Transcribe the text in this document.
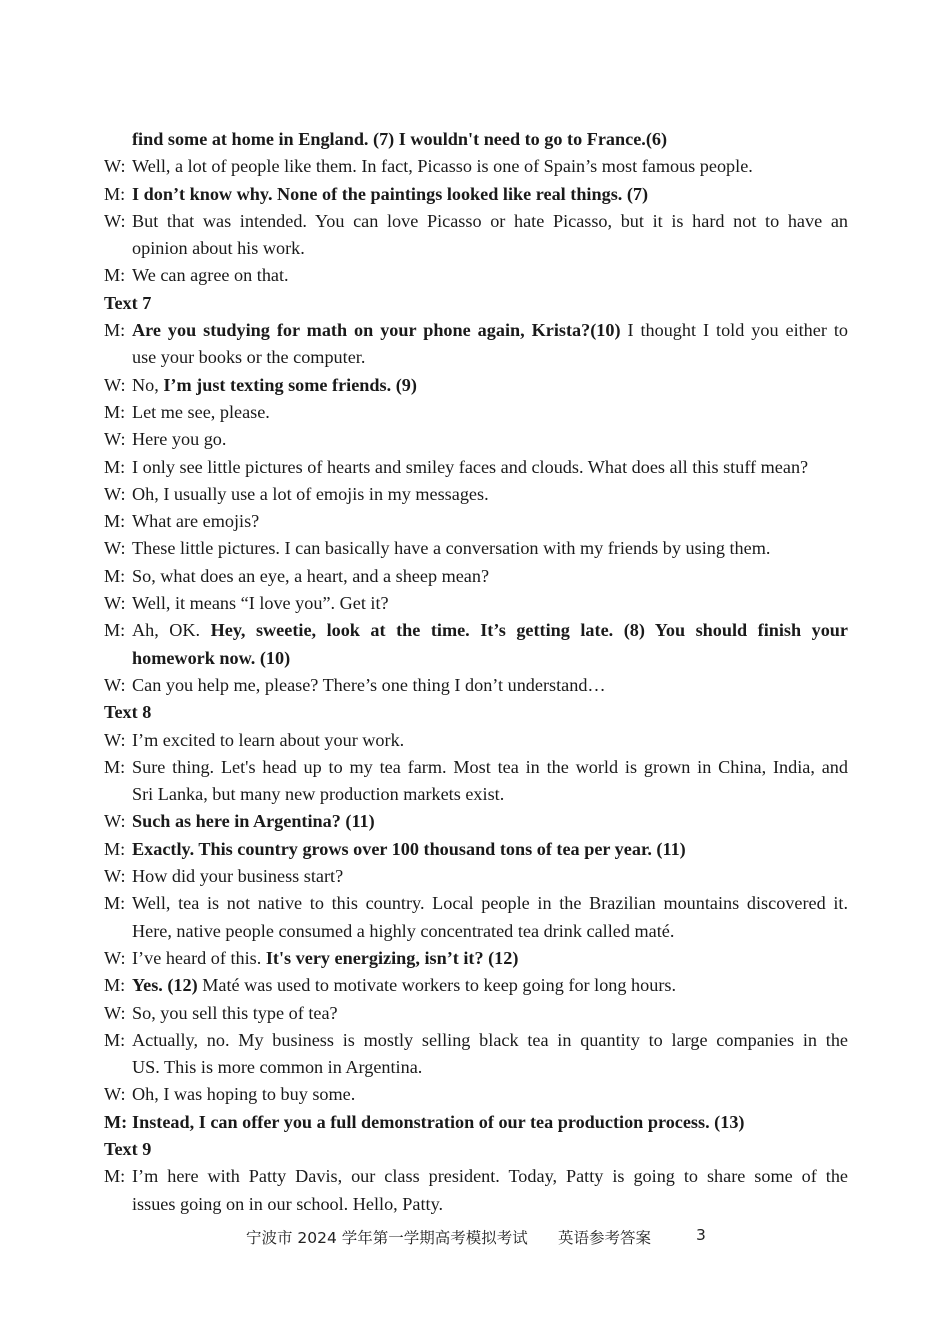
find some at home in England. (7) I wouldn't need to go to France.(6)
W: Well, a lot of people like them. In fact, Picasso is one of Spain’s most famous people.
M: I don’t know why. None of the paintings looked like real things. (7)
W: But that was intended. You can love Picasso or hate Picasso, but it is hard not to have an
opinion about his work.
M: We can agree on that.
Text 7
M: Are you studying for math on your phone again, Krista?(10) I thought I told you either to
use your books or the computer.
W: No, I’m just texting some friends. (9)
M: Let me see, please.
W: Here you go.
M: I only see little pictures of hearts and smiley faces and clouds. What does all this stuff mean?
W: Oh, I usually use a lot of emojis in my messages.
M: What are emojis?
W: These little pictures. I can basically have a conversation with my friends by using them.
M: So, what does an eye, a heart, and a sheep mean?
W: Well, it means “I love you”. Get it?
M: Ah, OK. Hey, sweetie, look at the time. It’s getting late. (8) You should finish your
homework now. (10)
W: Can you help me, please? There’s one thing I don’t understand…
Text 8
W: I’m excited to learn about your work.
M: Sure thing. Let's head up to my tea farm. Most tea in the world is grown in China, India, and
Sri Lanka, but many new production markets exist.
W: Such as here in Argentina? (11)
M: Exactly. This country grows over 100 thousand tons of tea per year. (11)
W: How did your business start?
M: Well, tea is not native to this country. Local people in the Brazilian mountains discovered it.
Here, native people consumed a highly concentrated tea drink called maté.
W: I’ve heard of this. It's very energizing, isn’t it? (12)
M: Yes. (12) Maté was used to motivate workers to keep going for long hours.
W: So, you sell this type of tea?
M: Actually, no. My business is mostly selling black tea in quantity to large companies in the
US. This is more common in Argentina.
W: Oh, I was hoping to buy some.
M: Instead, I can offer you a full demonstration of our tea production process. (13)
Text 9
M: I’m here with Patty Davis, our class president. Today, Patty is going to share some of the
issues going on in our school. Hello, Patty.
宁波市 2024 学年第一学期高考模拟考试 英语参考答案	3
